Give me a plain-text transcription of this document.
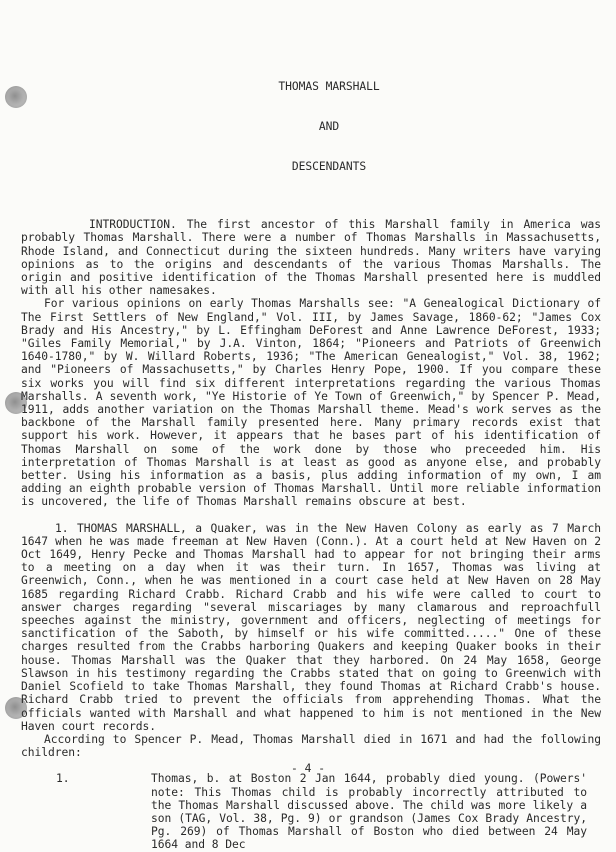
THOMAS MARSHALL

AND

DESCENDANTS

INTRODUCTION. The first ancestor of this Marshall family in America was probably Thomas Marshall. There were a number of Thomas Marshalls in Massachusetts, Rhode Island, and Connecticut during the sixteen hundreds. Many writers have varying opinions as to the origins and descendants of the various Thomas Marshalls. The origin and positive identification of the Thomas Marshall presented here is muddled with all his other namesakes.

For various opinions on early Thomas Marshalls see: "A Genealogical Dictionary of The First Settlers of New England," Vol. III, by James Savage, 1860-62; "James Cox Brady and His Ancestry," by L. Effingham DeForest and Anne Lawrence DeForest, 1933; "Giles Family Memorial," by J.A. Vinton, 1864; "Pioneers and Patriots of Greenwich 1640-1780," by W. Willard Roberts, 1936; "The American Genealogist," Vol. 38, 1962; and "Pioneers of Massachusetts," by Charles Henry Pope, 1900. If you compare these six works you will find six different interpretations regarding the various Thomas Marshalls. A seventh work, "Ye Historie of Ye Town of Greenwich," by Spencer P. Mead, 1911, adds another variation on the Thomas Marshall theme. Mead's work serves as the backbone of the Marshall family presented here. Many primary records exist that support his work. However, it appears that he bases part of his identification of Thomas Marshall on some of the work done by those who preceeded him. His interpretation of Thomas Marshall is at least as good as anyone else, and probably better. Using his information as a basis, plus adding information of my own, I am adding an eighth probable version of Thomas Marshall. Until more reliable information is uncovered, the life of Thomas Marshall remains obscure at best.

1. THOMAS MARSHALL, a Quaker, was in the New Haven Colony as early as 7 March 1647 when he was made freeman at New Haven (Conn.). At a court held at New Haven on 2 Oct 1649, Henry Pecke and Thomas Marshall had to appear for not bringing their arms to a meeting on a day when it was their turn. In 1657, Thomas was living at Greenwich, Conn., when he was mentioned in a court case held at New Haven on 28 May 1685 regarding Richard Crabb. Richard Crabb and his wife were called to court to answer charges regarding "several miscariages by many clamarous and reproachfull speeches against the ministry, government and officers, neglecting of meetings for sanctification of the Saboth, by himself or his wife committed....." One of these charges resulted from the Crabbs harboring Quakers and keeping Quaker books in their house. Thomas Marshall was the Quaker that they harbored. On 24 May 1658, George Slawson in his testimony regarding the Crabbs stated that on going to Greenwich with Daniel Scofield to take Thomas Marshall, they found Thomas at Richard Crabb's house. Richard Crabb tried to prevent the officials from apprehending Thomas. What the officials wanted with Marshall and what happened to him is not mentioned in the New Haven court records.

According to Spencer P. Mead, Thomas Marshall died in 1671 and had the following children:

1.	Thomas, b. at Boston 2 Jan 1644, probably died young. (Powers' note: This Thomas child is probably incorrectly attributed to the Thomas Marshall discussed above. The child was more likely a son (TAG, Vol. 38, Pg. 9) or grandson (James Cox Brady Ancestry, Pg. 269) of Thomas Marshall of Boston who died between 24 May 1664 and 8 Dec
- 4 -
